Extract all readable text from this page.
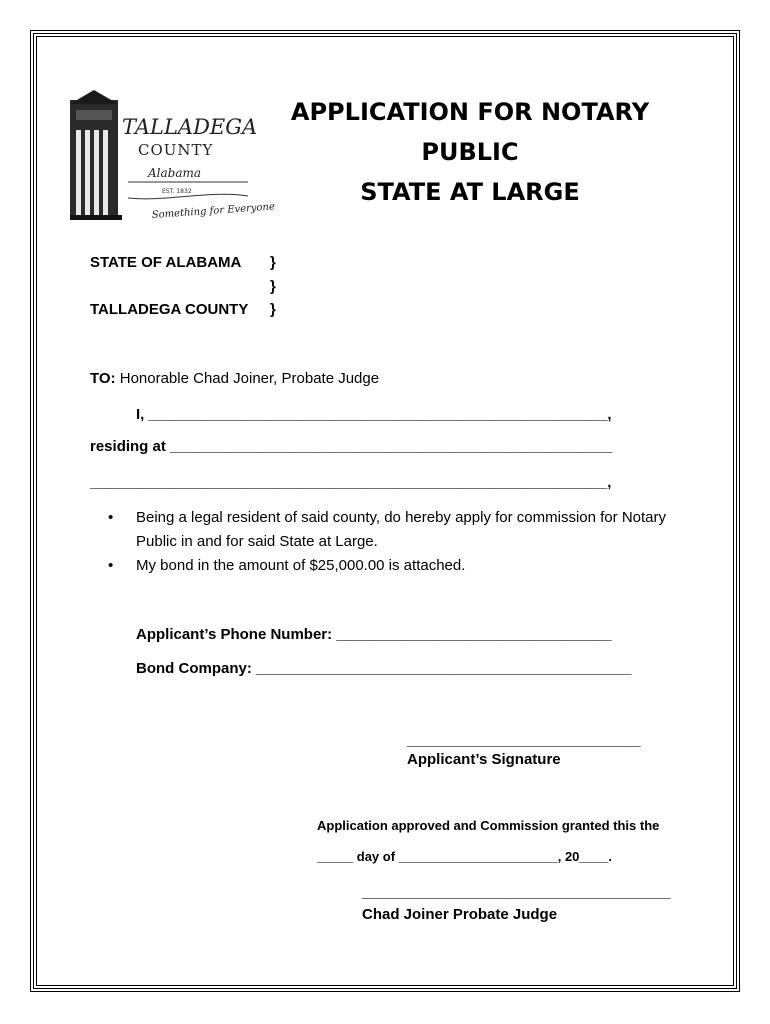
TALLADEGA
COUNTY
Alabama
EST. 1832
Something for Everyone
APPLICATION FOR NOTARY
PUBLIC
STATE AT LARGE
STATE OF ALABAMA }
}
TALLADEGA COUNTY }
TO: Honorable Chad Joiner, Probate Judge
I, _______________________________________________________,
residing at _____________________________________________________
______________________________________________________________,
•	Being a legal resident of said county, do hereby apply for commission for Notary Public in and for said State at Large.
•	My bond in the amount of $25,000.00 is attached.
Applicant’s Phone Number: _________________________________
Bond Company: _____________________________________________
____________________________
Applicant’s Signature
Application approved and Commission granted this the
_____ day of ______________________, 20____.
_____________________________________
Chad Joiner Probate Judge
